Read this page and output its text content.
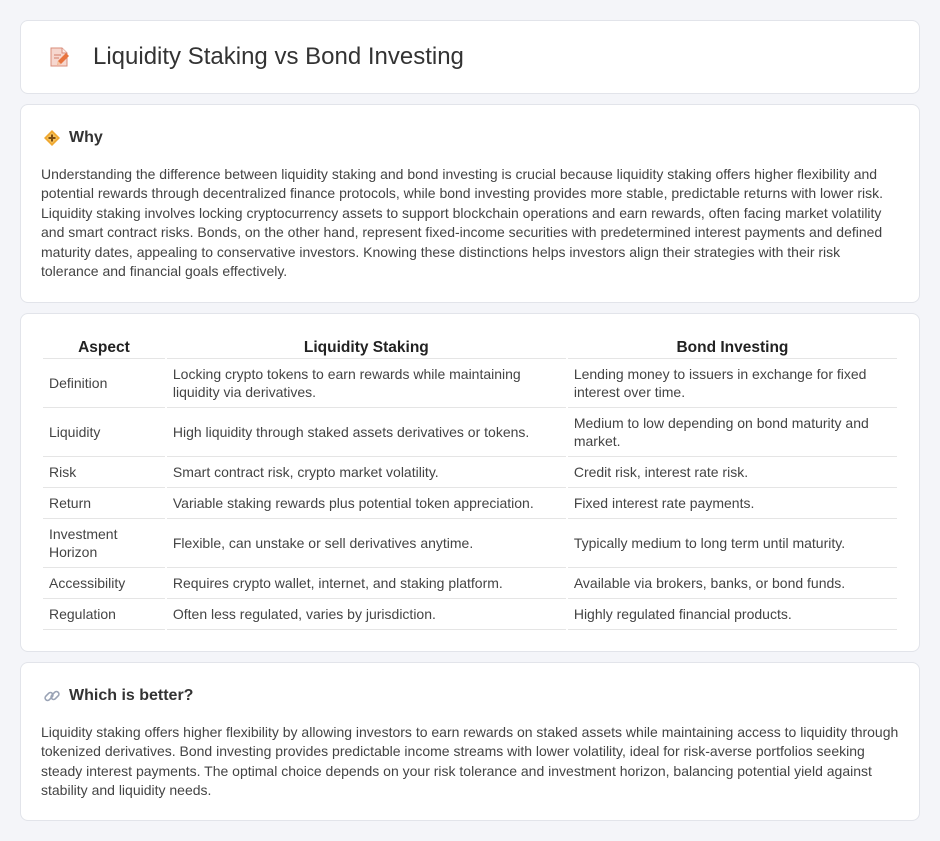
Liquidity Staking vs Bond Investing
Why

Understanding the difference between liquidity staking and bond investing is crucial because liquidity staking offers higher flexibility and potential rewards through decentralized finance protocols, while bond investing provides more stable, predictable returns with lower risk. Liquidity staking involves locking cryptocurrency assets to support blockchain operations and earn rewards, often facing market volatility and smart contract risks. Bonds, on the other hand, represent fixed-income securities with predetermined interest payments and defined maturity dates, appealing to conservative investors. Knowing these distinctions helps investors align their strategies with their risk tolerance and financial goals effectively.

Aspect	Liquidity Staking	Bond Investing
Definition	Locking crypto tokens to earn rewards while maintaining liquidity via derivatives.	Lending money to issuers in exchange for fixed interest over time.
Liquidity	High liquidity through staked assets derivatives or tokens.	Medium to low depending on bond maturity and market.
Risk	Smart contract risk, crypto market volatility.	Credit risk, interest rate risk.
Return	Variable staking rewards plus potential token appreciation.	Fixed interest rate payments.
Investment Horizon	Flexible, can unstake or sell derivatives anytime.	Typically medium to long term until maturity.
Accessibility	Requires crypto wallet, internet, and staking platform.	Available via brokers, banks, or bond funds.
Regulation	Often less regulated, varies by jurisdiction.	Highly regulated financial products.
Which is better?

Liquidity staking offers higher flexibility by allowing investors to earn rewards on staked assets while maintaining access to liquidity through tokenized derivatives. Bond investing provides predictable income streams with lower volatility, ideal for risk-averse portfolios seeking steady interest payments. The optimal choice depends on your risk tolerance and investment horizon, balancing potential yield against stability and liquidity needs.
